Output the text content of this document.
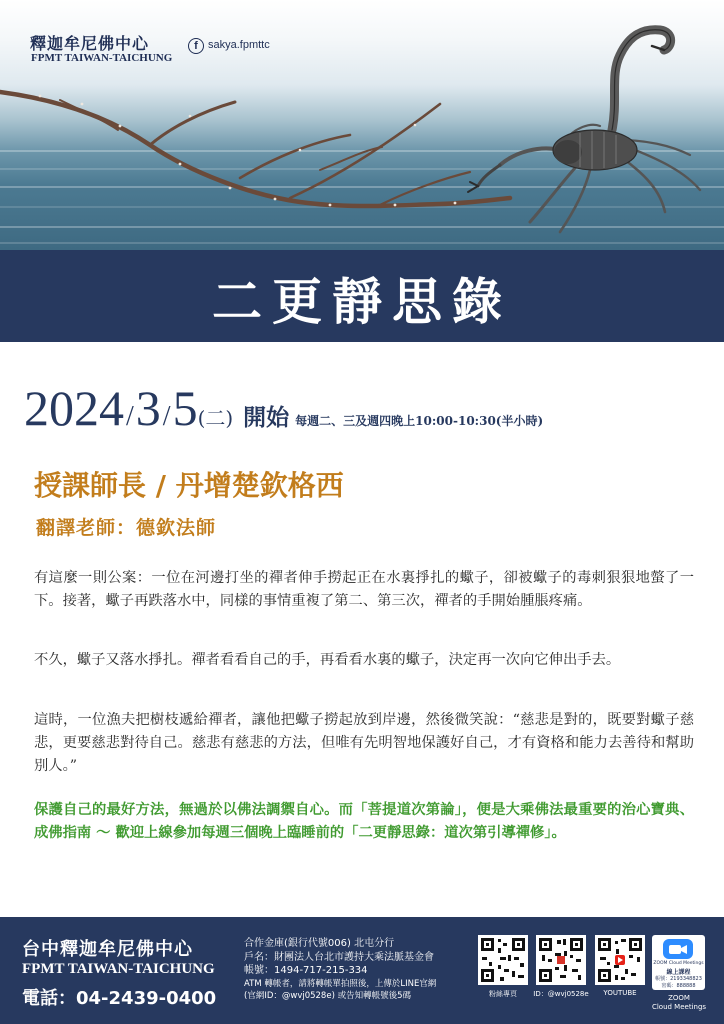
釋迦牟尼佛中心
FPMT TAIWAN-TAICHUNG
f sakya.fpmttc
二更靜思錄
2024/3/5(二) 開始 每週二、三及週四晚上10:00-10:30(半小時)
授課師長 / 丹增楚欽格西
翻譯老師：德欽法師
有這麼一則公案：一位在河邊打坐的禪者伸手撈起正在水裏掙扎的蠍子，卻被蠍子的毒刺狠狠地螫了一下。接著，蠍子再跌落水中，同樣的事情重複了第二、第三次，禪者的手開始腫脹疼痛。
不久，蠍子又落水掙扎。禪者看看自己的手，再看看水裏的蠍子，決定再一次向它伸出手去。
這時，一位漁夫把樹枝遞給禪者，讓他把蠍子撈起放到岸邊，然後微笑說：“慈悲是對的，既要對蠍子慈悲，更要慈悲對待自己。慈悲有慈悲的方法，但唯有先明智地保護好自己，才有資格和能力去善待和幫助別人。”
保護自己的最好方法，無過於以佛法調禦自心。而「菩提道次第論」，便是大乘佛法最重要的治心寶典、成佛指南 ～ 歡迎上線參加每週三個晚上臨睡前的「二更靜思錄：道次第引導禪修」。
台中釋迦牟尼佛中心
FPMT TAIWAN-TAICHUNG
電話：04-2439-0400
合作金庫(銀行代號006) 北屯分行
戶名：財團法人台北市護持大乘法脈基金會
帳號：1494-717-215-334
ATM 轉帳者，請將轉帳單拍照後，上傳於LINE官網
(官網ID：@wvj0528e) 或告知轉帳號後5碼	粉絲專頁	ID：@wvj0528e	YOUTUBE
ZOOM Cloud Meetings
線上課程
帳號：2193348823
密碼：888888
ZOOM
Cloud Meetings
